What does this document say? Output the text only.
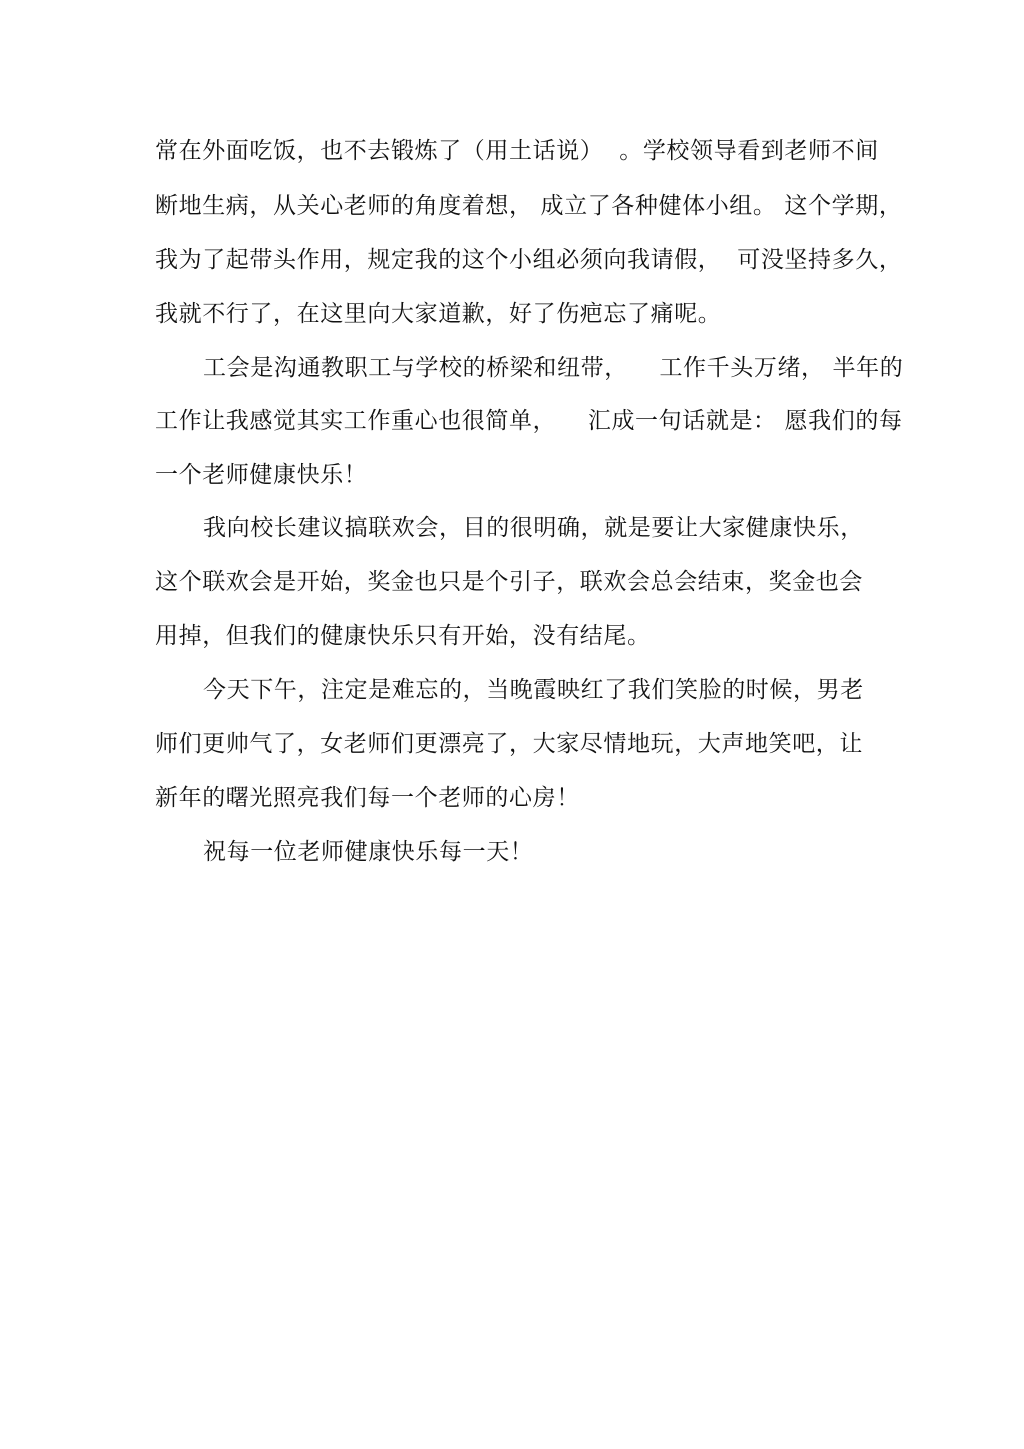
常在外面吃饭，也不去锻炼了（用土话说）  。学校领导看到老师不间
断地生病，从关心老师的角度着想， 成立了各种健体小组。 这个学期，
我为了起带头作用，规定我的这个小组必须向我请假，  可没坚持多久，
我就不行了，在这里向大家道歉，好了伤疤忘了痛呢。
工会是沟通教职工与学校的桥梁和纽带，    工作千头万绪， 半年的
工作让我感觉其实工作重心也很简单，    汇成一句话就是： 愿我们的每
一个老师健康快乐！
我向校长建议搞联欢会，目的很明确，就是要让大家健康快乐，
这个联欢会是开始，奖金也只是个引子，联欢会总会结束，奖金也会
用掉，但我们的健康快乐只有开始，没有结尾。
今天下午，注定是难忘的，当晚霞映红了我们笑脸的时候，男老
师们更帅气了，女老师们更漂亮了，大家尽情地玩，大声地笑吧，让
新年的曙光照亮我们每一个老师的心房！
祝每一位老师健康快乐每一天！
